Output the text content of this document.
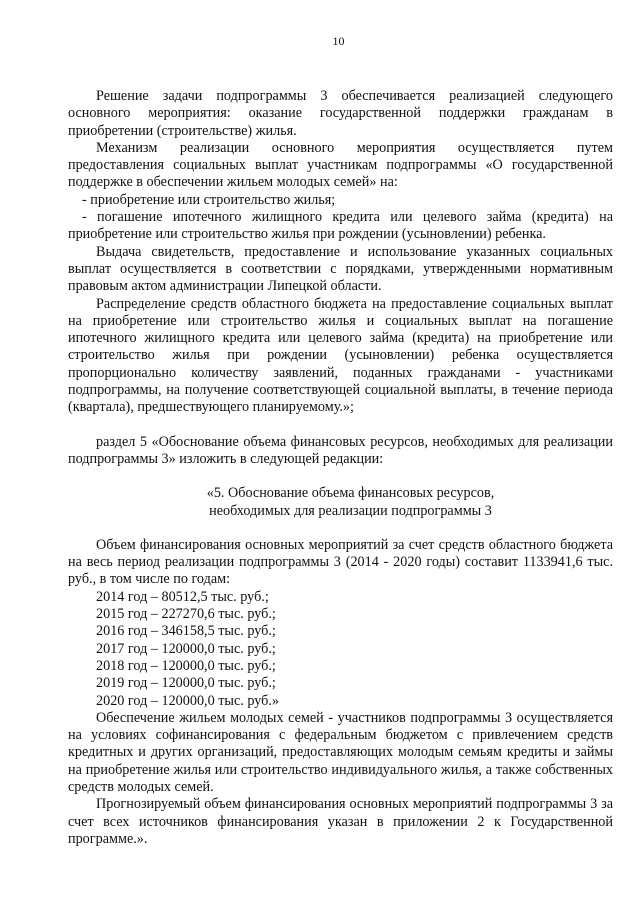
10

Решение задачи подпрограммы 3 обеспечивается реализацией следующего основного мероприятия: оказание государственной поддержки гражданам в приобретении (строительстве) жилья.

Механизм реализации основного мероприятия осуществляется путем предоставления социальных выплат участникам подпрограммы «О государственной поддержке в обеспечении жильем молодых семей» на:

- приобретение или строительство жилья;

- погашение ипотечного жилищного кредита или целевого займа (кредита) на приобретение или строительство жилья при рождении (усыновлении) ребенка.

Выдача свидетельств, предоставление и использование указанных социальных выплат осуществляется в соответствии с порядками, утвержденными нормативным правовым актом администрации Липецкой области.

Распределение средств областного бюджета на предоставление социальных выплат на приобретение или строительство жилья и социальных выплат на погашение ипотечного жилищного кредита или целевого займа (кредита) на приобретение или строительство жилья при рождении (усыновлении) ребенка осуществляется пропорционально количеству заявлений, поданных гражданами - участниками подпрограммы, на получение соответствующей социальной выплаты, в течение периода (квартала), предшествующего планируемому.»;

раздел 5 «Обоснование объема финансовых ресурсов, необходимых для реализации подпрограммы 3» изложить в следующей редакции:

«5. Обоснование объема финансовых ресурсов,

необходимых для реализации подпрограммы 3

Объем финансирования основных мероприятий за счет средств областного бюджета на весь период реализации подпрограммы 3 (2014 - 2020 годы) составит 1133941,6 тыс. руб., в том числе по годам:

2014 год – 80512,5 тыс. руб.;
2015 год – 227270,6 тыс. руб.;
2016 год – 346158,5 тыс. руб.;
2017 год – 120000,0 тыс. руб.;
2018 год – 120000,0 тыс. руб.;
2019 год – 120000,0 тыс. руб.;
2020 год – 120000,0 тыс. руб.»

Обеспечение жильем молодых семей - участников подпрограммы 3 осуществляется на условиях софинансирования с федеральным бюджетом с привлечением средств кредитных и других организаций, предоставляющих молодым семьям кредиты и займы на приобретение жилья или строительство индивидуального жилья, а также собственных средств молодых семей.

Прогнозируемый объем финансирования основных мероприятий подпрограммы 3 за счет всех источников финансирования указан в приложении 2 к Государственной программе.».
